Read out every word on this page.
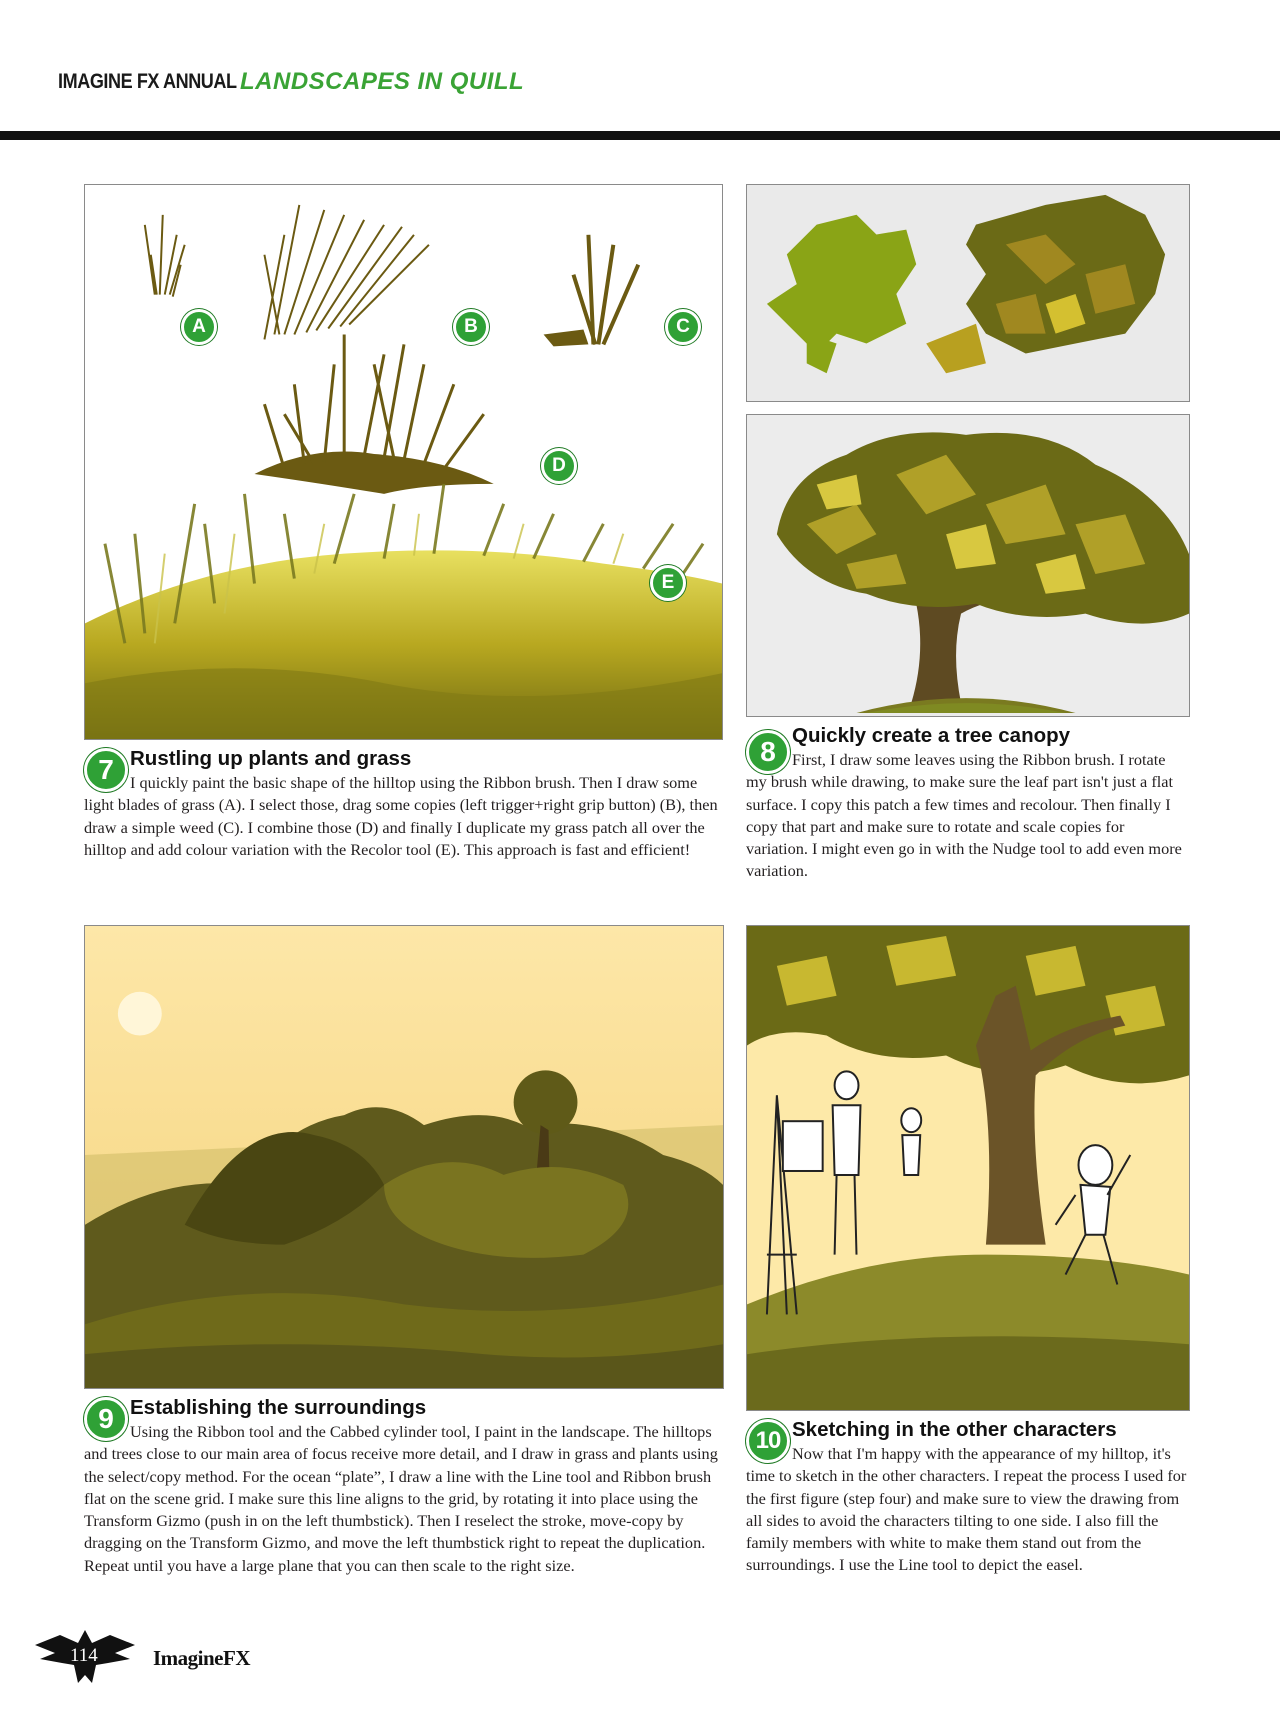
IMAGINE FX ANNUAL LANDSCAPES IN QUILL
A	B	C
D
E
7 Rustling up plants and grass

I quickly paint the basic shape of the hilltop using the Ribbon brush. Then I draw some light blades of grass (A). I select those, drag some copies (left trigger+right grip button) (B), then draw a simple weed (C). I combine those (D) and finally I duplicate my grass patch all over the hilltop and add colour variation with the Recolor tool (E). This approach is fast and efficient!

8
Quickly create a tree canopy

First, I draw some leaves using the Ribbon brush. I rotate my brush while drawing, to make sure the leaf part isn't just a flat surface. I copy this patch a few times and recolour. Then finally I copy that part and make sure to rotate and scale copies for variation. I might even go in with the Nudge tool to add even more variation.

9 Establishing the surroundings

Using the Ribbon tool and the Cabbed cylinder tool, I paint in the landscape. The hilltops and trees close to our main area of focus receive more detail, and I draw in grass and plants using the select/copy method. For the ocean “plate”, I draw a line with the Line tool and Ribbon brush flat on the scene grid. I make sure this line aligns to the grid, by rotating it into place using the Transform Gizmo (push in on the left thumbstick). Then I reselect the stroke, move-copy by dragging on the Transform Gizmo, and move the left thumbstick right to repeat the duplication. Repeat until you have a large plane that you can then scale to the right size.

10 Sketching in the other characters

Now that I'm happy with the appearance of my hilltop, it's time to sketch in the other characters. I repeat the process I used for the first figure (step four) and make sure to view the drawing from all sides to avoid the characters tilting to one side. I also fill the family members with white to make them stand out from the surroundings. I use the Line tool to depict the easel.

114	ImagineFX
